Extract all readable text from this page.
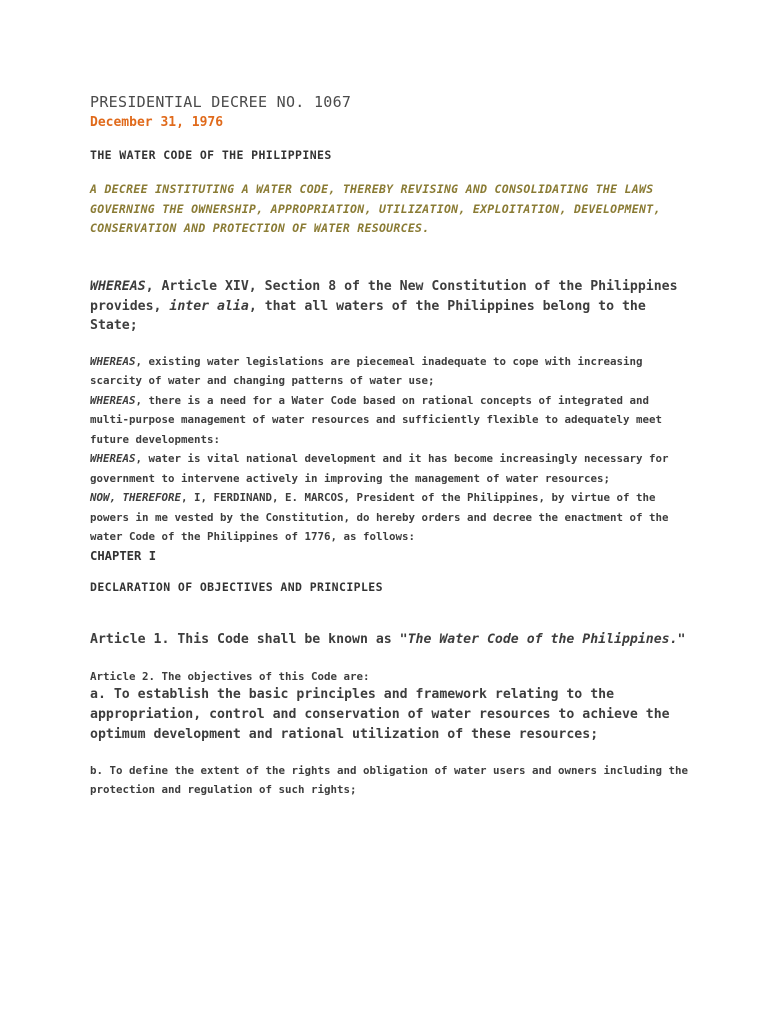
PRESIDENTIAL DECREE NO. 1067

December 31, 1976

THE WATER CODE OF THE PHILIPPINES

A DECREE INSTITUTING A WATER CODE, THEREBY REVISING AND CONSOLIDATING THE LAWS GOVERNING THE OWNERSHIP, APPROPRIATION, UTILIZATION, EXPLOITATION, DEVELOPMENT, CONSERVATION AND PROTECTION OF WATER RESOURCES.

WHEREAS, Article XIV, Section 8 of the New Constitution of the Philippines provides, inter alia, that all waters of the Philippines belong to the State;

WHEREAS, existing water legislations are piecemeal inadequate to cope with increasing scarcity of water and changing patterns of water use;

WHEREAS, there is a need for a Water Code based on rational concepts of integrated and multi-purpose management of water resources and sufficiently flexible to adequately meet future developments:

WHEREAS, water is vital national development and it has become increasingly necessary for government to intervene actively in improving the management of water resources;

NOW, THEREFORE, I, FERDINAND, E. MARCOS, President of the Philippines, by virtue of the powers in me vested by the Constitution, do hereby orders and decree the enactment of the water Code of the Philippines of 1776, as follows:

CHAPTER I

DECLARATION OF OBJECTIVES AND PRINCIPLES

Article 1. This Code shall be known as "The Water Code of the Philippines."

Article 2. The objectives of this Code are:

a. To establish the basic principles and framework relating to the appropriation, control and conservation of water resources to achieve the optimum development and rational utilization of these resources;

b. To define the extent of the rights and obligation of water users and owners including the protection and regulation of such rights;
